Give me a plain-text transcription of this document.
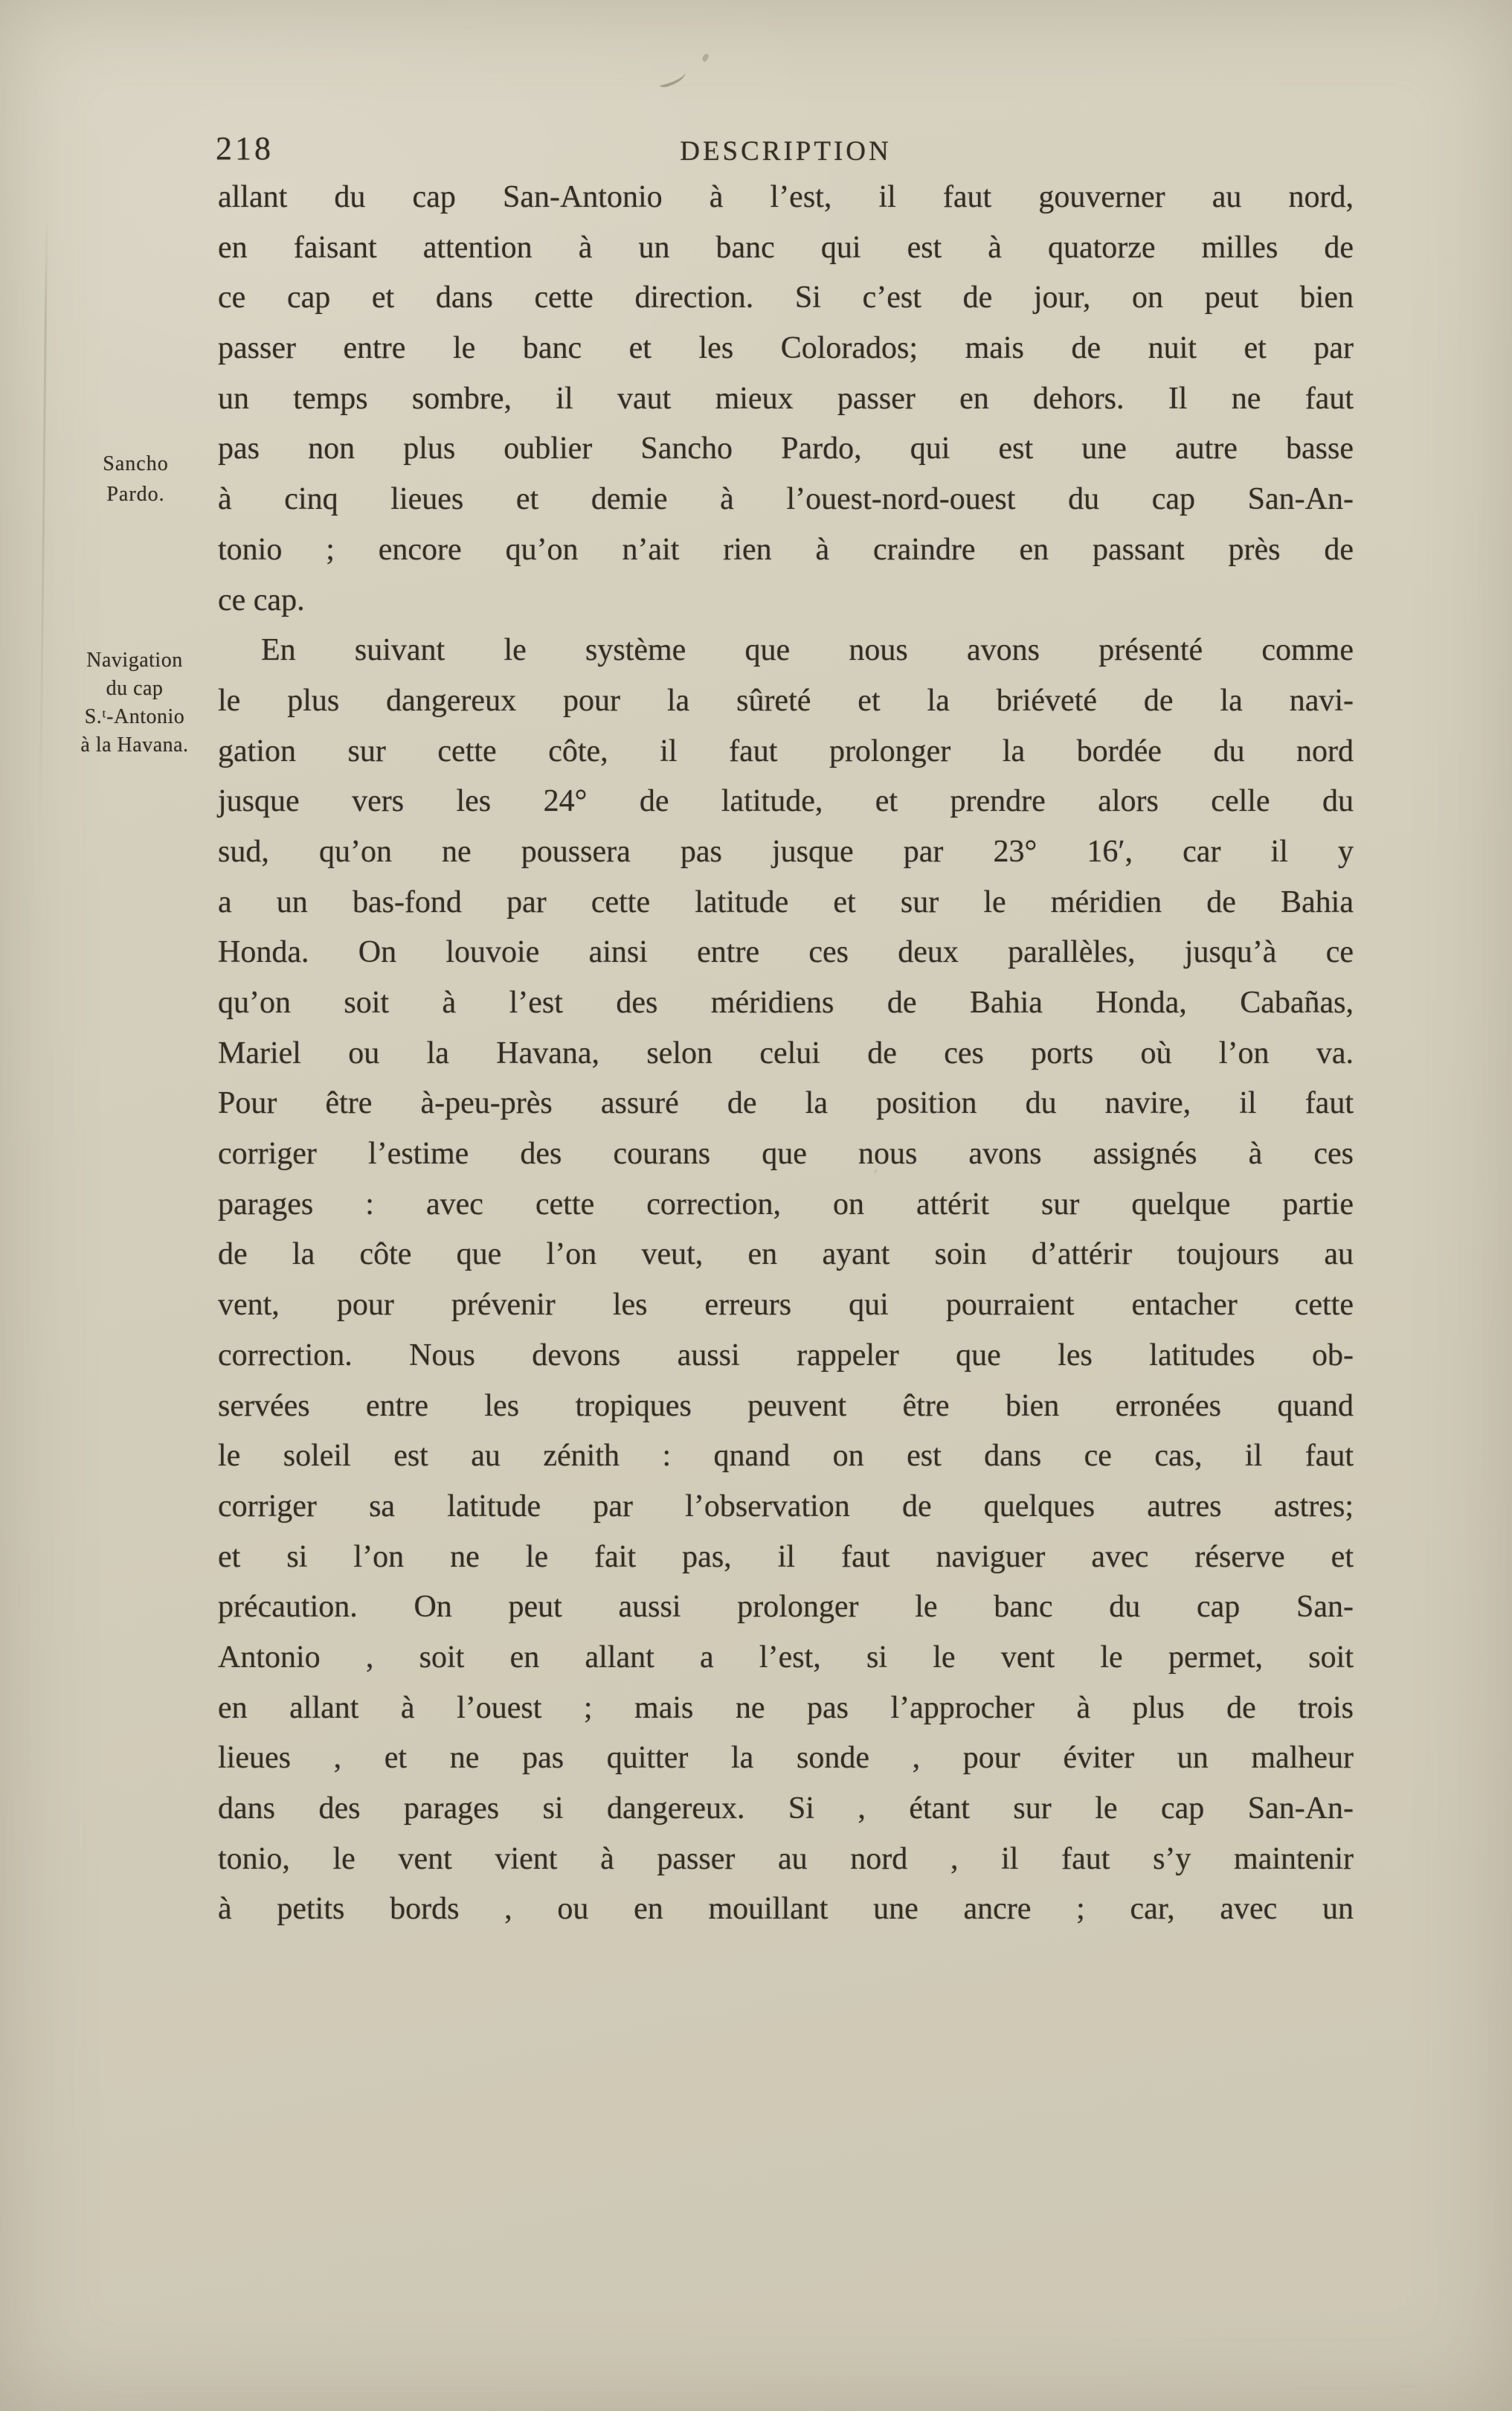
218	DESCRIPTION
Sancho
Pardo.
Navigation
du cap
S.ᵗ-Antonio
à la Havana.
allant du cap San-Antonio à l’est, il faut gouverner au nord,
en faisant attention à un banc qui est à quatorze milles de
ce cap et dans cette direction. Si c’est de jour, on peut bien
passer entre le banc et les Colorados; mais de nuit et par
un temps sombre, il vaut mieux passer en dehors. Il ne faut
pas non plus oublier Sancho Pardo, qui est une autre basse
à cinq lieues et demie à l’ouest-nord-ouest du cap San-An-
tonio ; encore qu’on n’ait rien à craindre en passant près de
ce cap.
En suivant le système que nous avons présenté comme
le plus dangereux pour la sûreté et la briéveté de la navi-
gation sur cette côte, il faut prolonger la bordée du nord
jusque vers les 24° de latitude, et prendre alors celle du
sud, qu’on ne poussera pas jusque par 23° 16′, car il y
a un bas-fond par cette latitude et sur le méridien de Bahia
Honda. On louvoie ainsi entre ces deux parallèles, jusqu’à ce
qu’on soit à l’est des méridiens de Bahia Honda, Cabañas,
Mariel ou la Havana, selon celui de ces ports où l’on va.
Pour être à-peu-près assuré de la position du navire, il faut
corriger l’estime des courans que nous avons assignés à ces
parages : avec cette correction, on attérit sur quelque partie
de la côte que l’on veut, en ayant soin d’attérir toujours au
vent, pour prévenir les erreurs qui pourraient entacher cette
correction. Nous devons aussi rappeler que les latitudes ob-
servées entre les tropiques peuvent être bien erronées quand
le soleil est au zénith : qnand on est dans ce cas, il faut
corriger sa latitude par l’observation de quelques autres astres;
et si l’on ne le fait pas, il faut naviguer avec réserve et
précaution. On peut aussi prolonger le banc du cap San-
Antonio , soit en allant a l’est, si le vent le permet, soit
en allant à l’ouest ; mais ne pas l’approcher à plus de trois
lieues , et ne pas quitter la sonde , pour éviter un malheur
dans des parages si dangereux. Si , étant sur le cap San-An-
tonio, le vent vient à passer au nord , il faut s’y maintenir
à petits bords , ou en mouillant une ancre ; car, avec un
